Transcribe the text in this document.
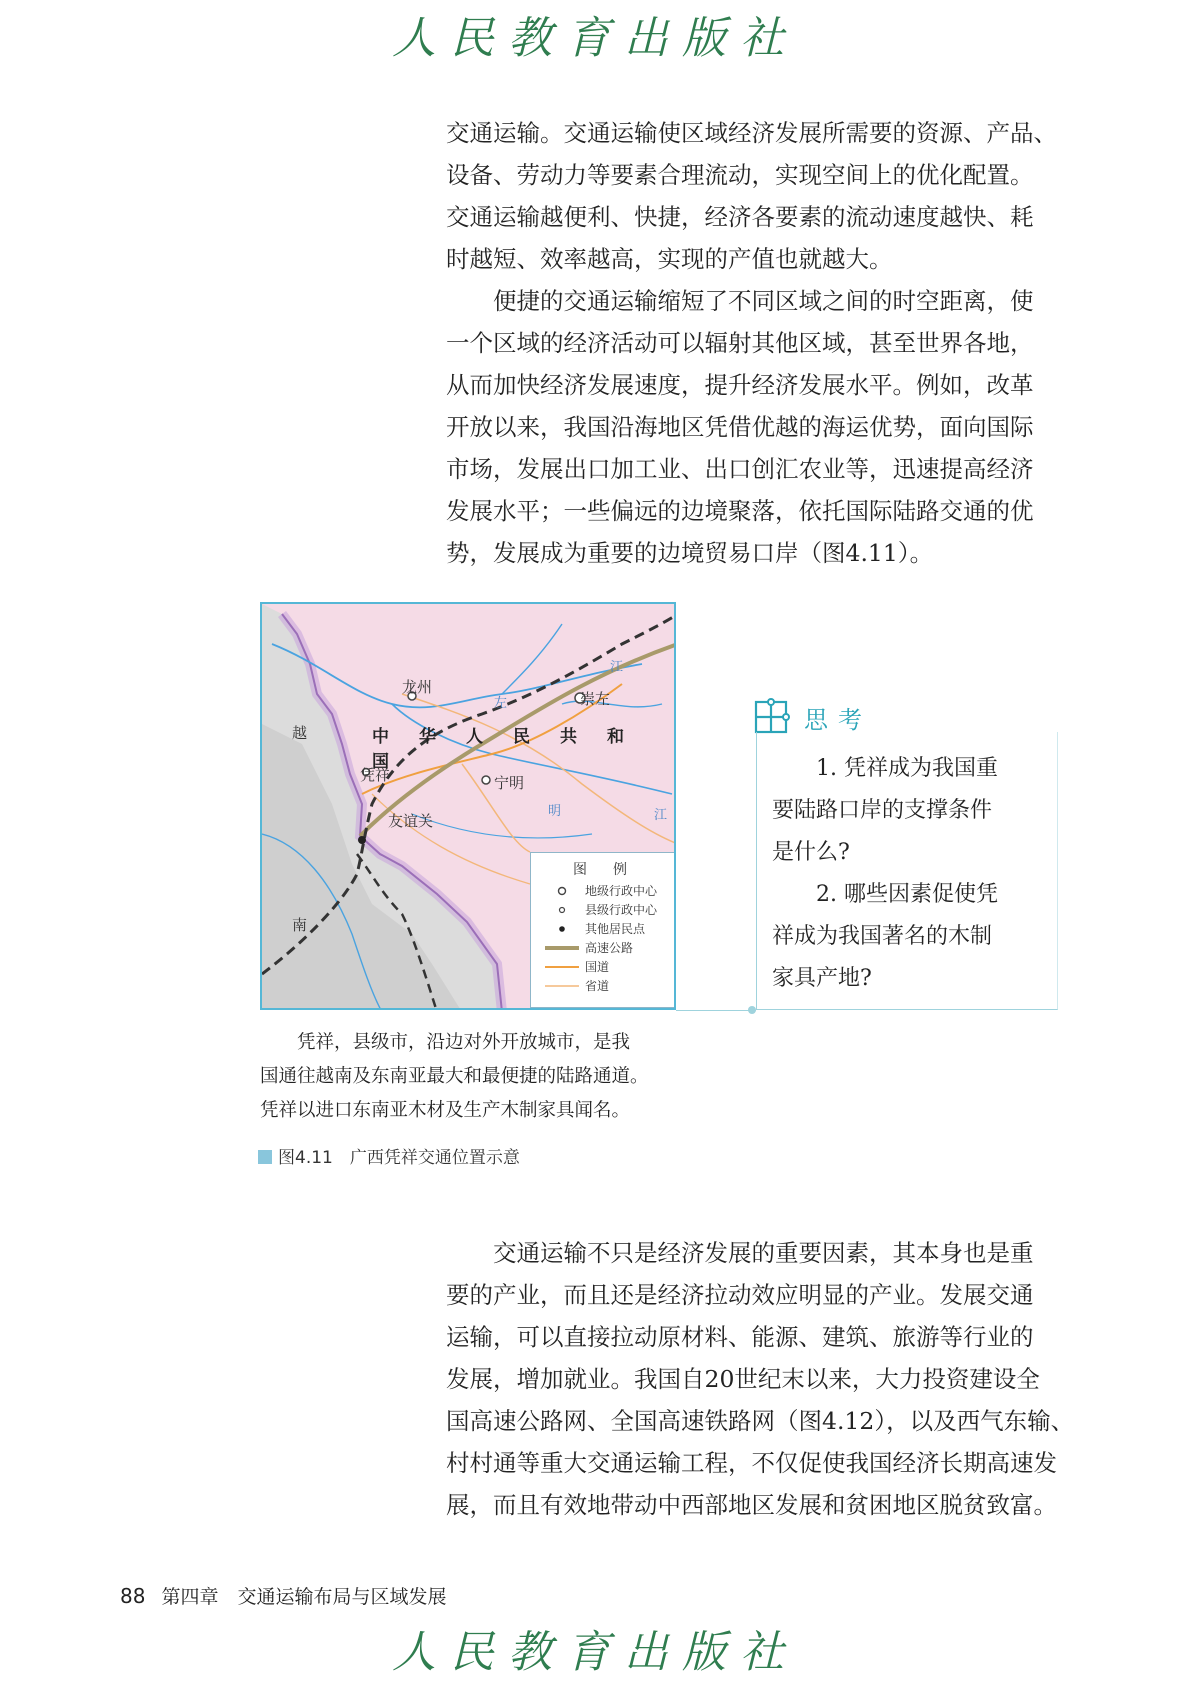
人民教育出版社

交通运输。交通运输使区域经济发展所需要的资源、产品、
设备、劳动力等要素合理流动，实现空间上的优化配置。
交通运输越便利、快捷，经济各要素的流动速度越快、耗
时越短、效率越高，实现的产值也就越大。

　　便捷的交通运输缩短了不同区域之间的时空距离，使
一个区域的经济活动可以辐射其他区域，甚至世界各地，
从而加快经济发展速度，提升经济发展水平。例如，改革
开放以来，我国沿海地区凭借优越的海运优势，面向国际
市场，发展出口加工业、出口创汇农业等，迅速提高经济
发展水平；一些偏远的边境聚落，依托国际陆路交通的优
势，发展成为重要的边境贸易口岸（图4.11）。

龙州
崇左
中华人民共和国
凭祥	宁明
友谊关
越
南
左
江
明	江
图　例
地级行政中心
县级行政中心
其他居民点
高速公路
国道
省道
思考

　　1. 凭祥成为我国重
要陆路口岸的支撑条件
是什么?
　　2. 哪些因素促使凭
祥成为我国著名的木制
家具产地?

　　凭祥，县级市，沿边对外开放城市，是我
国通往越南及东南亚最大和最便捷的陆路通道。
凭祥以进口东南亚木材及生产木制家具闻名。

图4.11　广西凭祥交通位置示意

　　交通运输不只是经济发展的重要因素，其本身也是重
要的产业，而且还是经济拉动效应明显的产业。发展交通
运输，可以直接拉动原材料、能源、建筑、旅游等行业的
发展，增加就业。我国自20世纪末以来，大力投资建设全
国高速公路网、全国高速铁路网（图4.12），以及西气东输、
村村通等重大交通运输工程，不仅促使我国经济长期高速发
展，而且有效地带动中西部地区发展和贫困地区脱贫致富。

88 第四章　交通运输布局与区域发展
人民教育出版社
